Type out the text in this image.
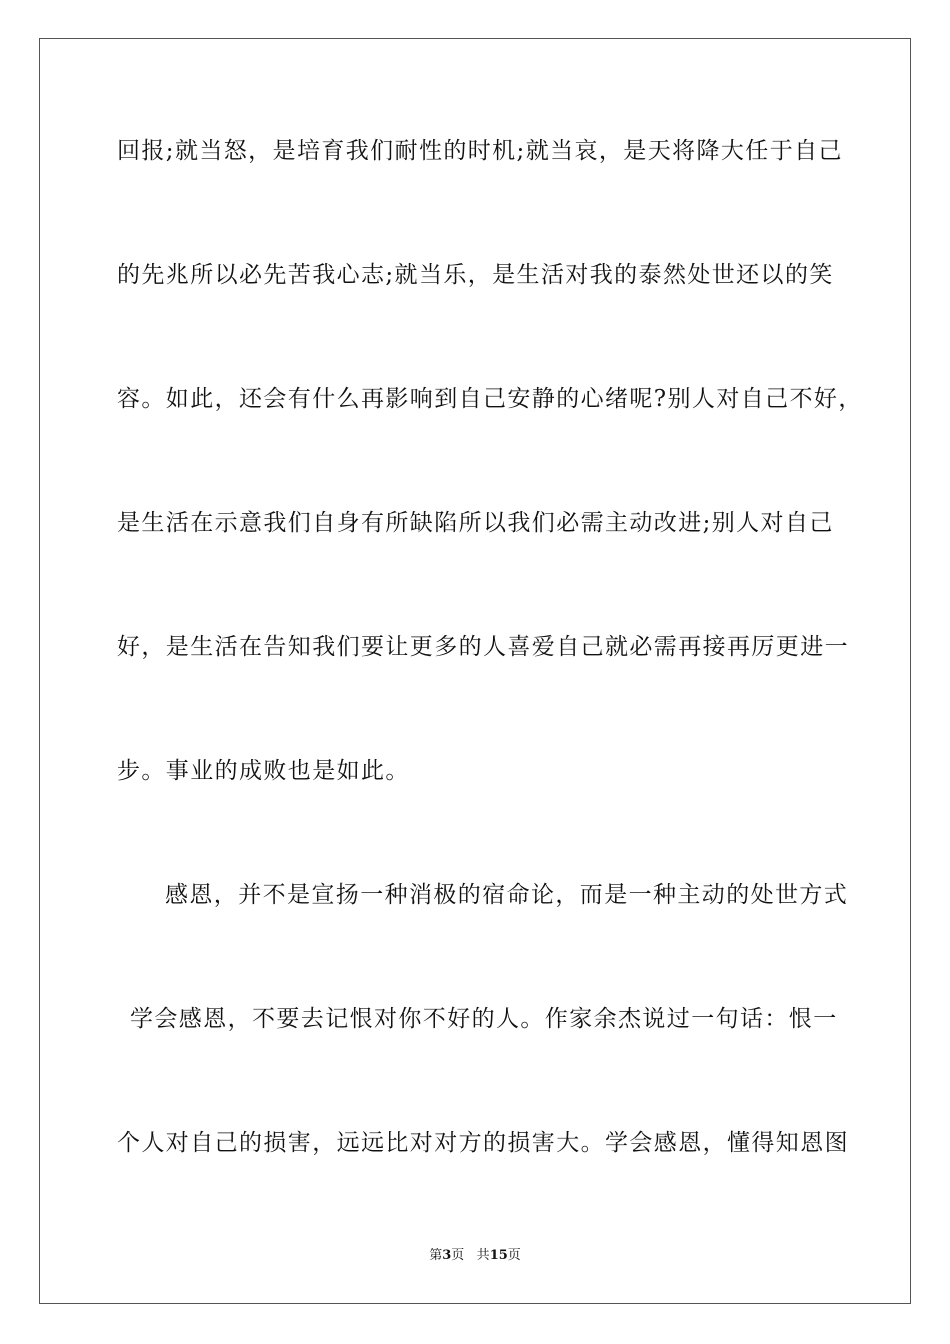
回报;就当怒，是培育我们耐性的时机;就当哀，是天将降大任于自己
的先兆所以必先苦我心志;就当乐，是生活对我的泰然处世还以的笑
容。如此，还会有什么再影响到自己安静的心绪呢?别人对自己不好，
是生活在示意我们自身有所缺陷所以我们必需主动改进;别人对自己
好，是生活在告知我们要让更多的人喜爱自己就必需再接再厉更进一
步。事业的成败也是如此。
感恩，并不是宣扬一种消极的宿命论，而是一种主动的处世方式
学会感恩，不要去记恨对你不好的人。作家余杰说过一句话：恨一
个人对自己的损害，远远比对对方的损害大。学会感恩，懂得知恩图
第3页 共15页
